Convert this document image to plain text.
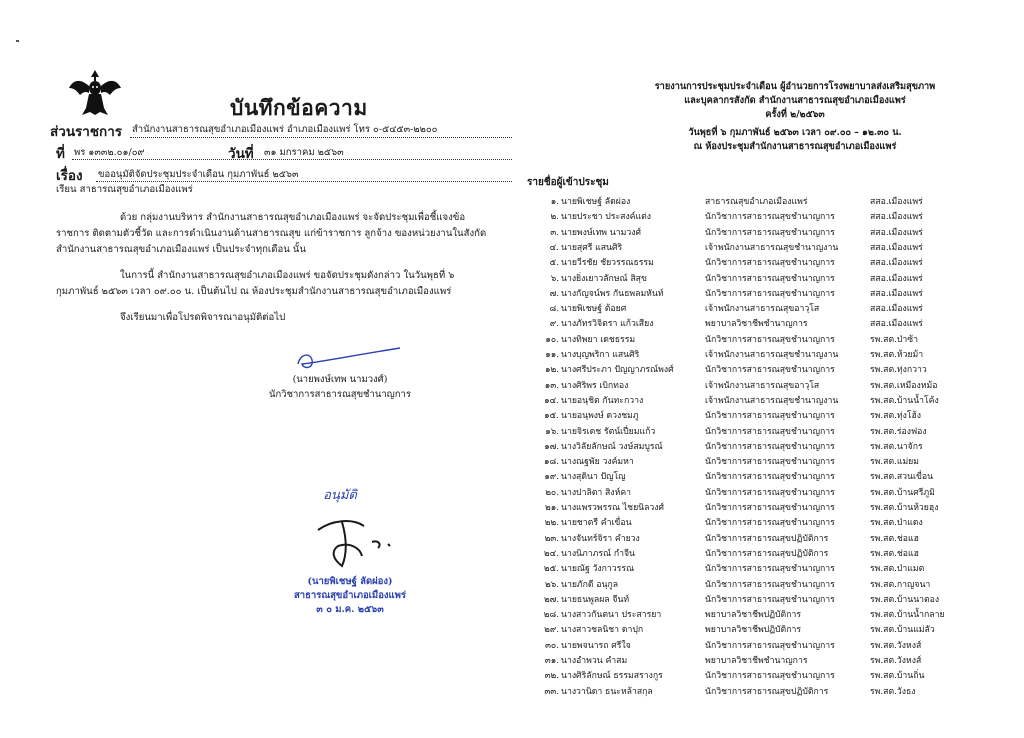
บันทึกข้อความ
ส่วนราชการ สำนักงานสาธารณสุขอำเภอเมืองแพร่ อำเภอเมืองแพร่ โทร ๐-๕๔๕๓-๒๒๐๐
ที่ พร ๑๓๓๒.๐๑/๐๙	วันที่ ๓๑ มกราคม ๒๕๖๓
เรื่อง ขออนุมัติจัดประชุมประจำเดือน กุมภาพันธ์ ๒๕๖๓
เรียน สาธารณสุขอำเภอเมืองแพร่
ด้วย กลุ่มงานบริหาร สำนักงานสาธารณสุขอำเภอเมืองแพร่ จะจัดประชุมเพื่อชี้แจงข้อ
ราชการ ติดตามตัวชี้วัด และการดำเนินงานด้านสาธารณสุข แก่ข้าราชการ ลูกจ้าง ของหน่วยงานในสังกัด
สำนักงานสาธารณสุขอำเภอเมืองแพร่ เป็นประจำทุกเดือน นั้น
ในการนี้ สำนักงานสาธารณสุขอำเภอเมืองแพร่ ขอจัดประชุมดังกล่าว ในวันพุธที่ ๖
กุมภาพันธ์ ๒๕๖๓ เวลา ๐๙.๐๐ น. เป็นต้นไป ณ ห้องประชุมสำนักงานสาธารณสุขอำเภอเมืองแพร่
จึงเรียนมาเพื่อโปรดพิจารณาอนุมัติต่อไป
(นายพงษ์เทพ นามวงศ์)
นักวิชาการสาธารณสุขชำนาญการ
อนุมัติ
(นายพิเชษฐ์ ลัดผ่อง)
สาธารณสุขอำเภอเมืองแพร่
๓ ๐ ม.ค. ๒๕๖๓
รายงานการประชุมประจำเดือน ผู้อำนวยการโรงพยาบาลส่งเสริมสุขภาพ
และบุคลากรสังกัด สำนักงานสาธารณสุขอำเภอเมืองแพร่
ครั้งที่ ๒/๒๕๖๓
วันพุธที่ ๖ กุมภาพันธ์ ๒๕๖๓ เวลา ๐๙.๐๐ – ๑๒.๓๐ น.
ณ ห้องประชุมสำนักงานสาธารณสุขอำเภอเมืองแพร่
รายชื่อผู้เข้าประชุม
๑. นายพิเชษฐ์ ลัดผ่อง	สาธารณสุขอำเภอเมืองแพร่	สสอ.เมืองแพร่
๒. นายประชา ประสงค์แต่ง	นักวิชาการสาธารณสุขชำนาญการ	สสอ.เมืองแพร่
๓. นายพงษ์เทพ นามวงศ์	นักวิชาการสาธารณสุขชำนาญการ	สสอ.เมืองแพร่
๔. นายสุศรี แสนศิริ	เจ้าพนักงานสาธารณสุขชำนาญงาน	สสอ.เมืองแพร่
๕. นายวีรชัย ชัยวรรณธรรม	นักวิชาการสาธารณสุขชำนาญการ	สสอ.เมืองแพร่
๖. นางยิ่งเยาวลักษณ์ สิสุข	นักวิชาการสาธารณสุขชำนาญการ	สสอ.เมืองแพร่
๗. นางกัญจน์พร กันธพลมหันท์	นักวิชาการสาธารณสุขชำนาญการ	สสอ.เมืองแพร่
๘. นายพิเชษฐ์ ต้อยศ	เจ้าพนักงานสาธารณสุขอาวุโส	สสอ.เมืองแพร่
๙. นางภัทรวิจิตรา แก้วเสียง	พยาบาลวิชาชีพชำนาญการ	สสอ.เมืองแพร่
๑๐. นางทิพยา เดชธรรม	นักวิชาการสาธารณสุขชำนาญการ	รพ.สต.ป่าซ้า
๑๑. นางบุญพริกา แสนศิริ	เจ้าพนักงานสาธารณสุขชำนาญงาน	รพ.สต.ห้วยม้า
๑๒. นางศรีประภา ปัญญาภรณ์พงศ์	นักวิชาการสาธารณสุขชำนาญการ	รพ.สต.ทุ่งกวาว
๑๓. นางศิริพร เบิกทอง	เจ้าพนักงานสาธารณสุขอาวุโส	รพ.สต.เหมืองหม้อ
๑๔. นายอนุชิต กันทะกวาง	เจ้าพนักงานสาธารณสุขชำนาญงาน	รพ.สต.บ้านน้ำโค้ง
๑๕. นายอนุพงษ์ ดวงชมภู	นักวิชาการสาธารณสุขชำนาญการ	รพ.สต.ทุ่งโฮ้ง
๑๖. นายจิรเดช รัตน์เปี่ยมแก้ว	นักวิชาการสาธารณสุขชำนาญการ	รพ.สต.ร่องฟอง
๑๗. นางวิลัยลักษณ์ วงษ์สมบูรณ์	นักวิชาการสาธารณสุขชำนาญการ	รพ.สต.นาจักร
๑๘. นางณฐพัย วงค์มหา	นักวิชาการสาธารณสุขชำนาญการ	รพ.สต.แม่ยม
๑๙. นางสุดินา ปัญโญ	นักวิชาการสาธารณสุขชำนาญการ	รพ.สต.สวนเขื่อน
๒๐. นางปาลิตา สิงห์คา	นักวิชาการสาธารณสุขชำนาญการ	รพ.สต.บ้านศรีภูมิ
๒๑. นางแพรวพรรณ ไชยนิลวงศ์	นักวิชาการสาธารณสุขชำนาญการ	รพ.สต.บ้านห้วยฮุง
๒๒. นายชาตรี คำเขื่อน	นักวิชาการสาธารณสุขชำนาญการ	รพ.สต.ป่าแดง
๒๓. นางจันทร์จิรา คำยวง	นักวิชาการสาธารณสุขปฏิบัติการ	รพ.สต.ช่อแฮ
๒๔. นางนิภาภรณ์ กำจีน	นักวิชาการสาธารณสุขปฏิบัติการ	รพ.สต.ช่อแฮ
๒๕. นายณัฐ วังกาวรรณ	นักวิชาการสาธารณสุขชำนาญการ	รพ.สต.ป่าแมต
๒๖. นายภักดี อนุกูล	นักวิชาการสาธารณสุขชำนาญการ	รพ.สต.กาญจนา
๒๗. นายธนพูลผล จีนท์	นักวิชาการสาธารณสุขชำนาญการ	รพ.สต.บ้านนาตอง
๒๘. นางสาวกันตนา ประสารยา	พยาบาลวิชาชีพปฏิบัติการ	รพ.สต.บ้านน้ำกลาย
๒๙. นางสาวชลนิชา ดาปุก	พยาบาลวิชาชีพปฏิบัติการ	รพ.สต.บ้านแม่ลัว
๓๐. นายพจนารถ ศรีใจ	นักวิชาการสาธารณสุขชำนาญการ	รพ.สต.วังหงส์
๓๑. นางอำพวน คำสม	พยาบาลวิชาชีพชำนาญการ	รพ.สต.วังหงส์
๓๒. นางศิริลักษณ์ ธรรมสรางกูร	นักวิชาการสาธารณสุขชำนาญการ	รพ.สต.บ้านถิ่น
๓๓. นางวานิดา ธนะหล้าสกุล	นักวิชาการสาธารณสุขปฏิบัติการ	รพ.สต.วังธง
